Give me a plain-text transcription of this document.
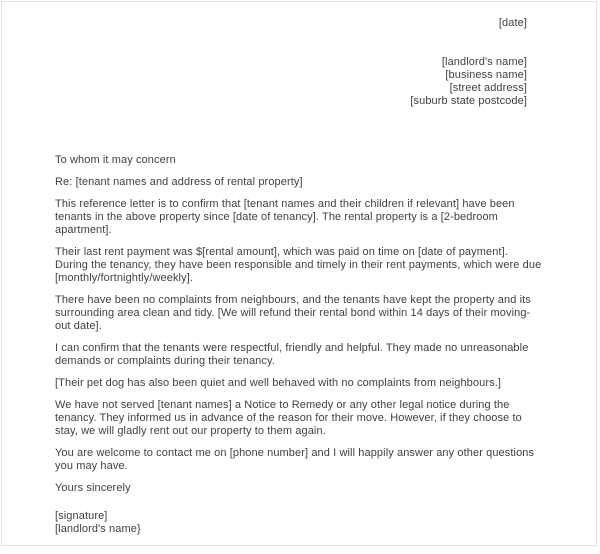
[date]
[landlord's name]
[business name]
[street address]
[suburb state postcode]

To whom it may concern

Re: [tenant names and address of rental property]

This reference letter is to confirm that [tenant names and their children if relevant] have been tenants in the above property since [date of tenancy]. The rental property is a [2-bedroom apartment].

Their last rent payment was $[rental amount], which was paid on time on [date of payment]. During the tenancy, they have been responsible and timely in their rent payments, which were due [monthly/fortnightly/weekly].

There have been no complaints from neighbours, and the tenants have kept the property and its surrounding area clean and tidy. [We will refund their rental bond within 14 days of their moving-out date].

I can confirm that the tenants were respectful, friendly and helpful. They made no unreasonable demands or complaints during their tenancy.

[Their pet dog has also been quiet and well behaved with no complaints from neighbours.]

We have not served [tenant names] a Notice to Remedy or any other legal notice during the tenancy. They informed us in advance of the reason for their move. However, if they choose to stay, we will gladly rent out our property to them again.

You are welcome to contact me on [phone number] and I will happily answer any other questions you may have.

Yours sincerely

[signature]
[landlord's name}
